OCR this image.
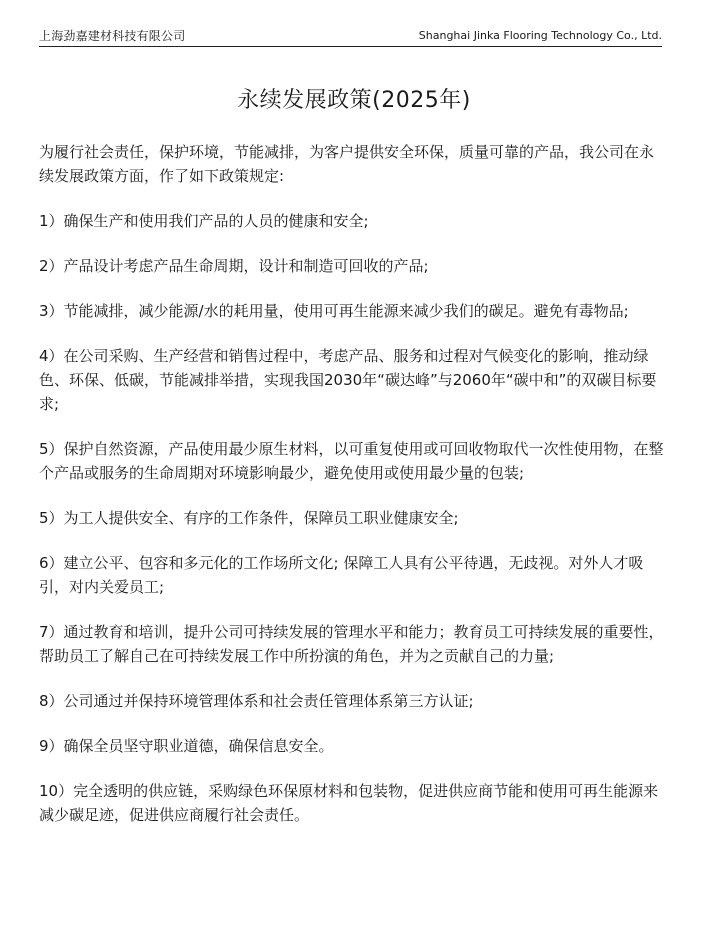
上海劲嘉建材科技有限公司	Shanghai Jinka Flooring Technology Co., Ltd.
永续发展政策(2025年)

为履行社会责任，保护环境，节能减排，为客户提供安全环保，质量可靠的产品，我公司在永续发展政策方面，作了如下政策规定:

1）确保生产和使用我们产品的人员的健康和安全;

2）产品设计考虑产品生命周期，设计和制造可回收的产品;

3）节能减排，减少能源/水的耗用量，使用可再生能源来减少我们的碳足。避免有毒物品;

4）在公司采购、生产经营和销售过程中，考虑产品、服务和过程对气候变化的影响，推动绿色、环保、低碳，节能减排举措，实现我国2030年“碳达峰”与2060年“碳中和”的双碳目标要求;

5）保护自然资源，产品使用最少原生材料，以可重复使用或可回收物取代一次性使用物，在整个产品或服务的生命周期对环境影响最少，避免使用或使用最少量的包装;

5）为工人提供安全、有序的工作条件，保障员工职业健康安全;

6）建立公平、包容和多元化的工作场所文化; 保障工人具有公平待遇，无歧视。对外人才吸引，对内关爱员工;

7）通过教育和培训，提升公司可持续发展的管理水平和能力；教育员工可持续发展的重要性，帮助员工了解自己在可持续发展工作中所扮演的角色，并为之贡献自己的力量;

8）公司通过并保持环境管理体系和社会责任管理体系第三方认证;

9）确保全员坚守职业道德，确保信息安全。

10）完全透明的供应链，采购绿色环保原材料和包装物，促进供应商节能和使用可再生能源来减少碳足迹，促进供应商履行社会责任。
